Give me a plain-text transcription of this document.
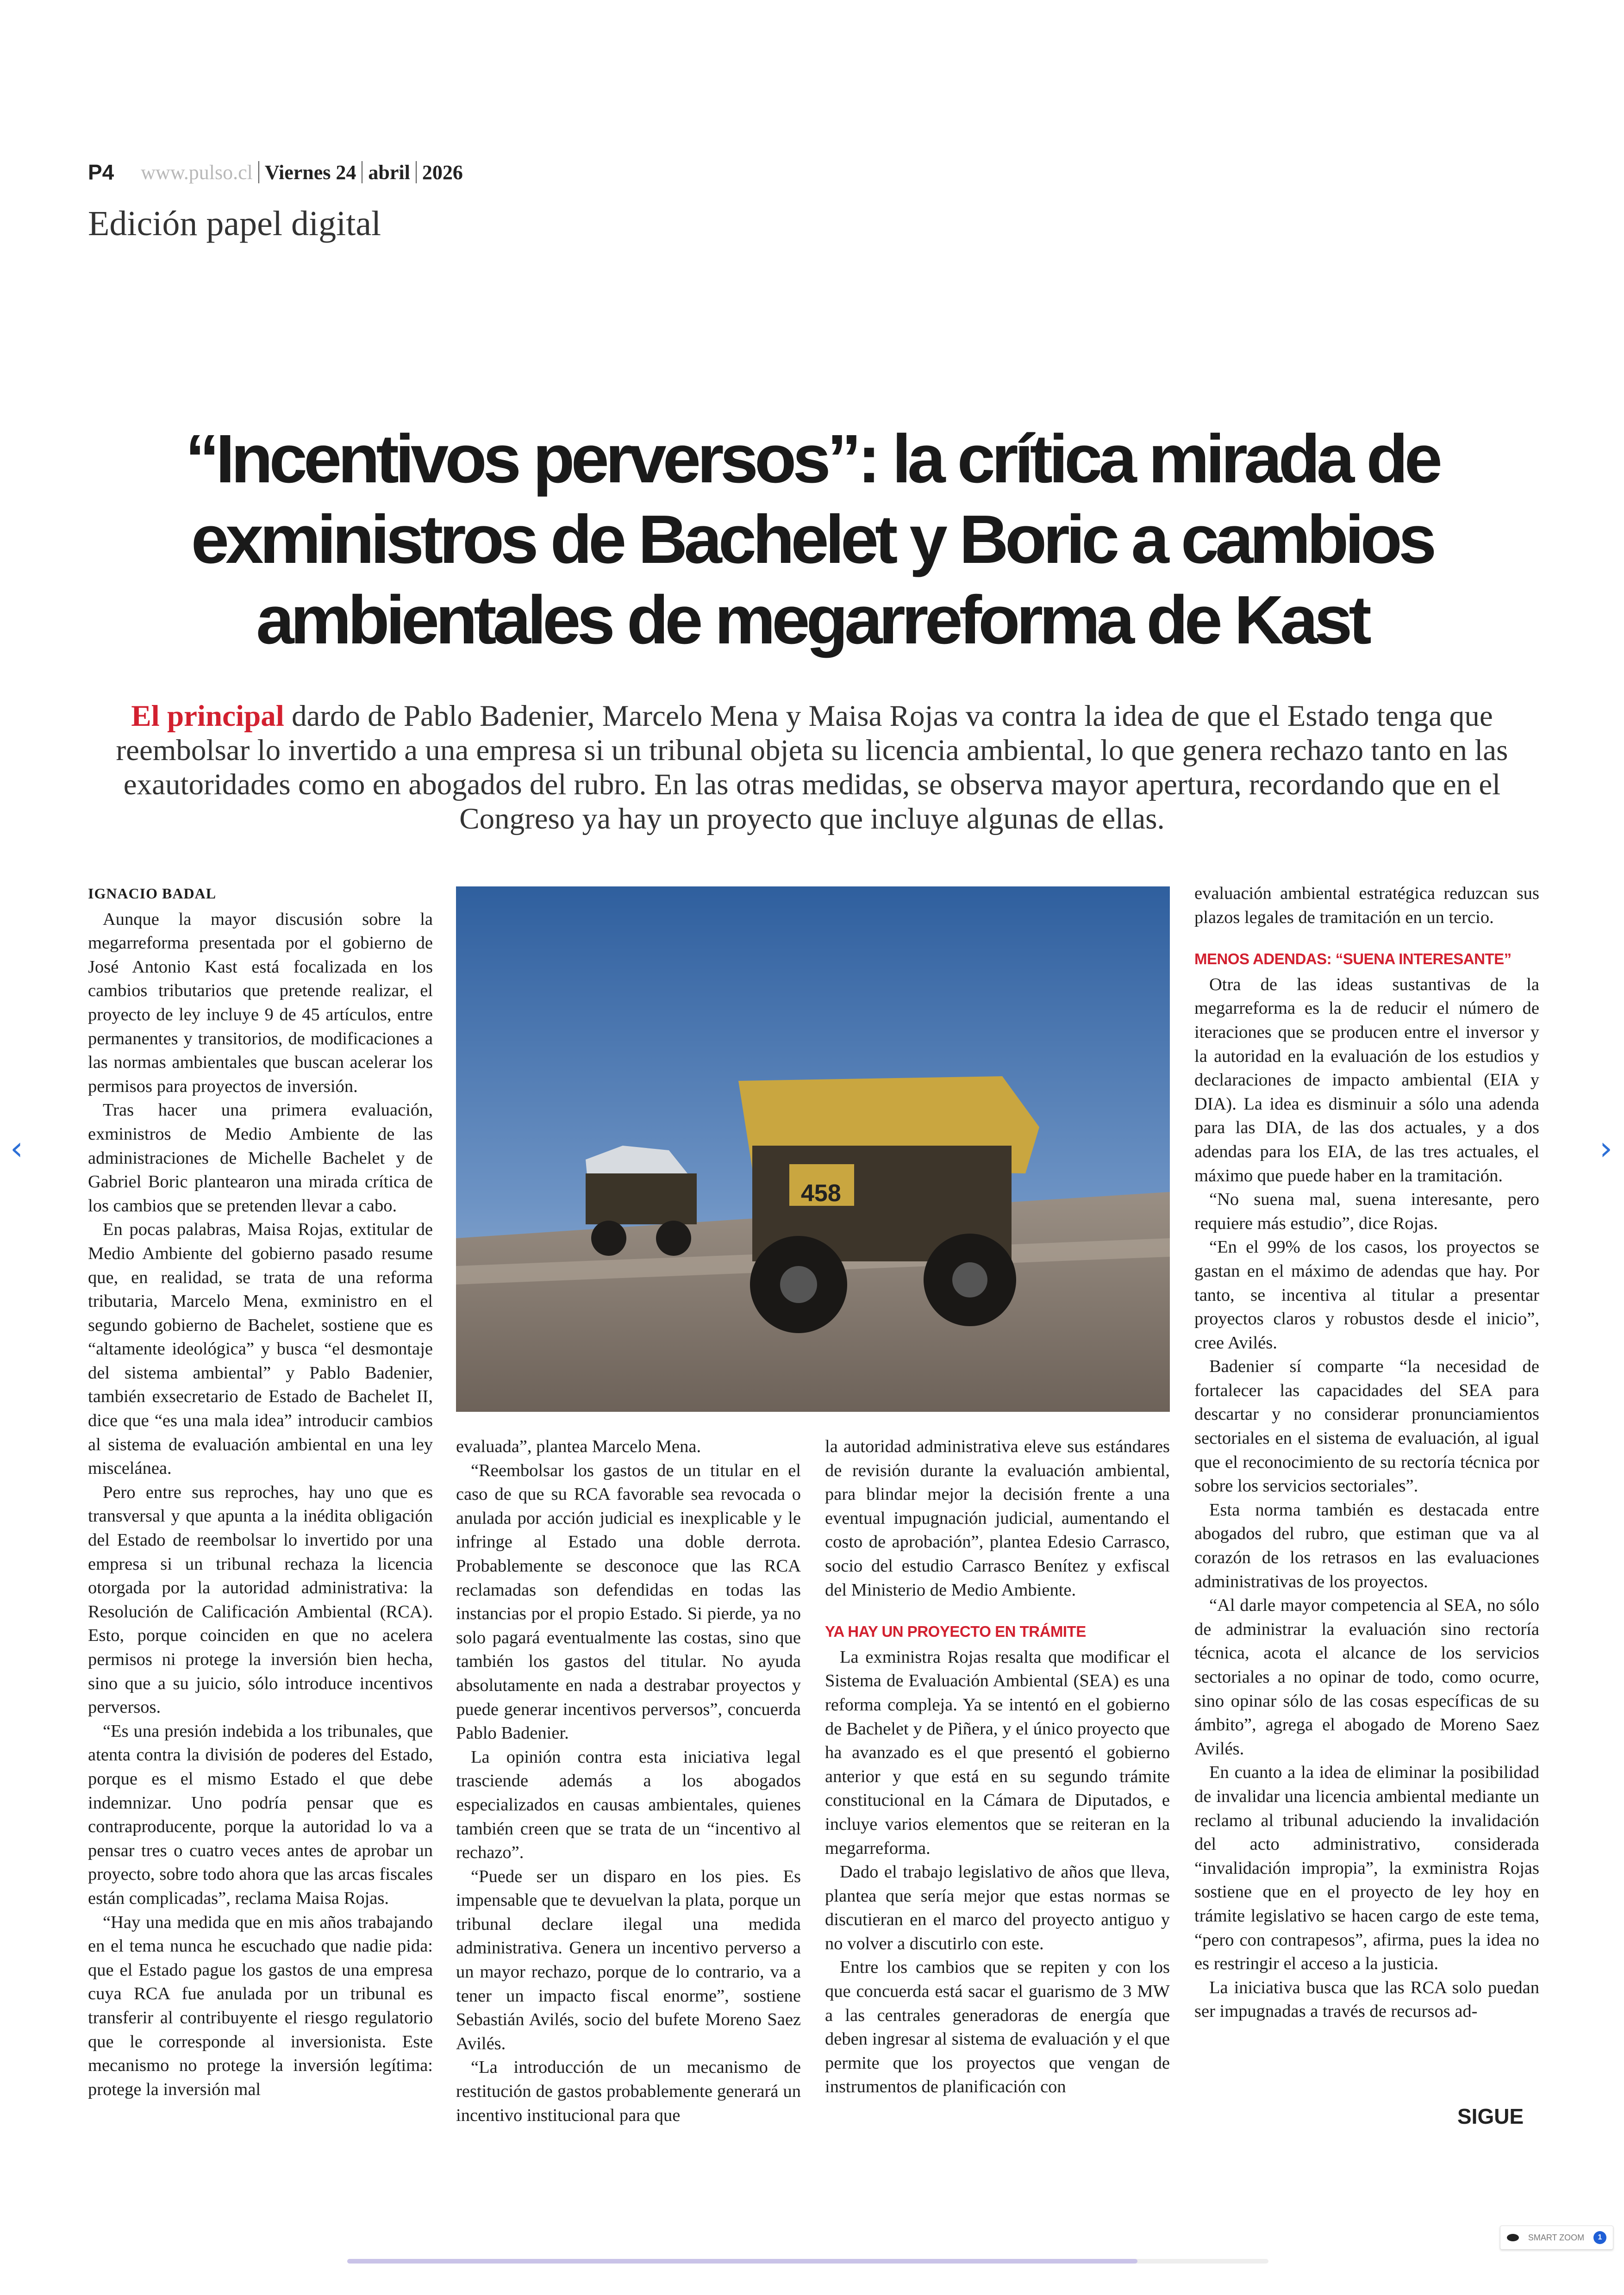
P4 www.pulso.cl Viernes 24 abril 2026
Edición papel digital
“Incentivos perversos”: la crítica mirada de
exministros de Bachelet y Boric a cambios
ambientales de megarreforma de Kast
El principal dardo de Pablo Badenier, Marcelo Mena y Maisa Rojas va contra la idea de que el Estado tenga que reembolsar lo invertido a una empresa si un tribunal objeta su licencia ambiental, lo que genera rechazo tanto en las exautoridades como en abogados del rubro. En las otras medidas, se observa mayor apertura, recordando que en el Congreso ya hay un proyecto que incluye algunas de ellas.
IGNACIO BADAL

Aunque la mayor discusión sobre la megarreforma presentada por el gobierno de José Antonio Kast está focalizada en los cambios tributarios que pretende realizar, el proyecto de ley incluye 9 de 45 artículos, entre permanentes y transitorios, de modificaciones a las normas ambientales que buscan acelerar los permisos para proyectos de inversión.

Tras hacer una primera evaluación, exministros de Medio Ambiente de las administraciones de Michelle Bachelet y de Gabriel Boric plantearon una mirada crítica de los cambios que se pretenden llevar a cabo.

En pocas palabras, Maisa Rojas, extitular de Medio Ambiente del gobierno pasado resume que, en realidad, se trata de una reforma tributaria, Marcelo Mena, exministro en el segundo gobierno de Bachelet, sostiene que es “altamente ideológica” y busca “el desmontaje del sistema ambiental” y Pablo Badenier, también exsecretario de Estado de Bachelet II, dice que “es una mala idea” introducir cambios al sistema de evaluación ambiental en una ley miscelánea.

Pero entre sus reproches, hay uno que es transversal y que apunta a la inédita obligación del Estado de reembolsar lo invertido por una empresa si un tribunal rechaza la licencia otorgada por la autoridad administrativa: la Resolución de Calificación Ambiental (RCA). Esto, porque coinciden en que no acelera permisos ni protege la inversión bien hecha, sino que a su juicio, sólo introduce incentivos perversos.

“Es una presión indebida a los tribunales, que atenta contra la división de poderes del Estado, porque es el mismo Estado el que debe indemnizar. Uno podría pensar que es contraproducente, porque la autoridad lo va a pensar tres o cuatro veces antes de aprobar un proyecto, sobre todo ahora que las arcas fiscales están complicadas”, reclama Maisa Rojas.

“Hay una medida que en mis años trabajando en el tema nunca he escuchado que nadie pida: que el Estado pague los gastos de una empresa cuya RCA fue anulada por un tribunal es transferir al contribuyente el riesgo regulatorio que le corresponde al inversionista. Este mecanismo no protege la inversión legítima: protege la inversión mal

458

evaluada”, plantea Marcelo Mena.

“Reembolsar los gastos de un titular en el caso de que su RCA favorable sea revocada o anulada por acción judicial es inexplicable y le infringe al Estado una doble derrota. Probablemente se desconoce que las RCA reclamadas son defendidas en todas las instancias por el propio Estado. Si pierde, ya no solo pagará eventualmente las costas, sino que también los gastos del titular. No ayuda absolutamente en nada a destrabar proyectos y puede generar incentivos perversos”, concuerda Pablo Badenier.

La opinión contra esta iniciativa legal trasciende además a los abogados especializados en causas ambientales, quienes también creen que se trata de un “incentivo al rechazo”.

“Puede ser un disparo en los pies. Es impensable que te devuelvan la plata, porque un tribunal declare ilegal una medida administrativa. Genera un incentivo perverso a un mayor rechazo, porque de lo contrario, va a tener un impacto fiscal enorme”, sostiene Sebastián Avilés, socio del bufete Moreno Saez Avilés.

“La introducción de un mecanismo de restitución de gastos probablemente generará un incentivo institucional para que

la autoridad administrativa eleve sus estándares de revisión durante la evaluación ambiental, para blindar mejor la decisión frente a una eventual impugnación judicial, aumentando el costo de aprobación”, plantea Edesio Carrasco, socio del estudio Carrasco Benítez y exfiscal del Ministerio de Medio Ambiente.

YA HAY UN PROYECTO EN TRÁMITE

La exministra Rojas resalta que modificar el Sistema de Evaluación Ambiental (SEA) es una reforma compleja. Ya se intentó en el gobierno de Bachelet y de Piñera, y el único proyecto que ha avanzado es el que presentó el gobierno anterior y que está en su segundo trámite constitucional en la Cámara de Diputados, e incluye varios elementos que se reiteran en la megarreforma.

Dado el trabajo legislativo de años que lleva, plantea que sería mejor que estas normas se discutieran en el marco del proyecto antiguo y no volver a discutirlo con este.

Entre los cambios que se repiten y con los que concuerda está sacar el guarismo de 3 MW a las centrales generadoras de energía que deben ingresar al sistema de evaluación y el que permite que los proyectos que vengan de instrumentos de planificación con

evaluación ambiental estratégica reduzcan sus plazos legales de tramitación en un tercio.

MENOS ADENDAS: “SUENA INTERESANTE”

Otra de las ideas sustantivas de la megarreforma es la de reducir el número de iteraciones que se producen entre el inversor y la autoridad en la evaluación de los estudios y declaraciones de impacto ambiental (EIA y DIA). La idea es disminuir a sólo una adenda para las DIA, de las dos actuales, y a dos adendas para los EIA, de las tres actuales, el máximo que puede haber en la tramitación.

“No suena mal, suena interesante, pero requiere más estudio”, dice Rojas.

“En el 99% de los casos, los proyectos se gastan en el máximo de adendas que hay. Por tanto, se incentiva al titular a presentar proyectos claros y robustos desde el inicio”, cree Avilés.

Badenier sí comparte “la necesidad de fortalecer las capacidades del SEA para descartar y no considerar pronunciamientos sectoriales en el sistema de evaluación, al igual que el reconocimiento de su rectoría técnica por sobre los servicios sectoriales”.

Esta norma también es destacada entre abogados del rubro, que estiman que va al corazón de los retrasos en las evaluaciones administrativas de los proyectos.

“Al darle mayor competencia al SEA, no sólo de administrar la evaluación sino rectoría técnica, acota el alcance de los servicios sectoriales a no opinar de todo, como ocurre, sino opinar sólo de las cosas específicas de su ámbito”, agrega el abogado de Moreno Saez Avilés.

En cuanto a la idea de eliminar la posibilidad de invalidar una licencia ambiental mediante un reclamo al tribunal aduciendo la invalidación del acto administrativo, considerada “invalidación impropia”, la exministra Rojas sostiene que en el proyecto de ley hoy en trámite legislativo se hacen cargo de este tema, “pero con contrapesos”, afirma, pues la idea no es restringir el acceso a la justicia.

La iniciativa busca que las RCA solo puedan ser impugnadas a través de recursos ad-

SIGUE
‹	›
SMART ZOOM	1
